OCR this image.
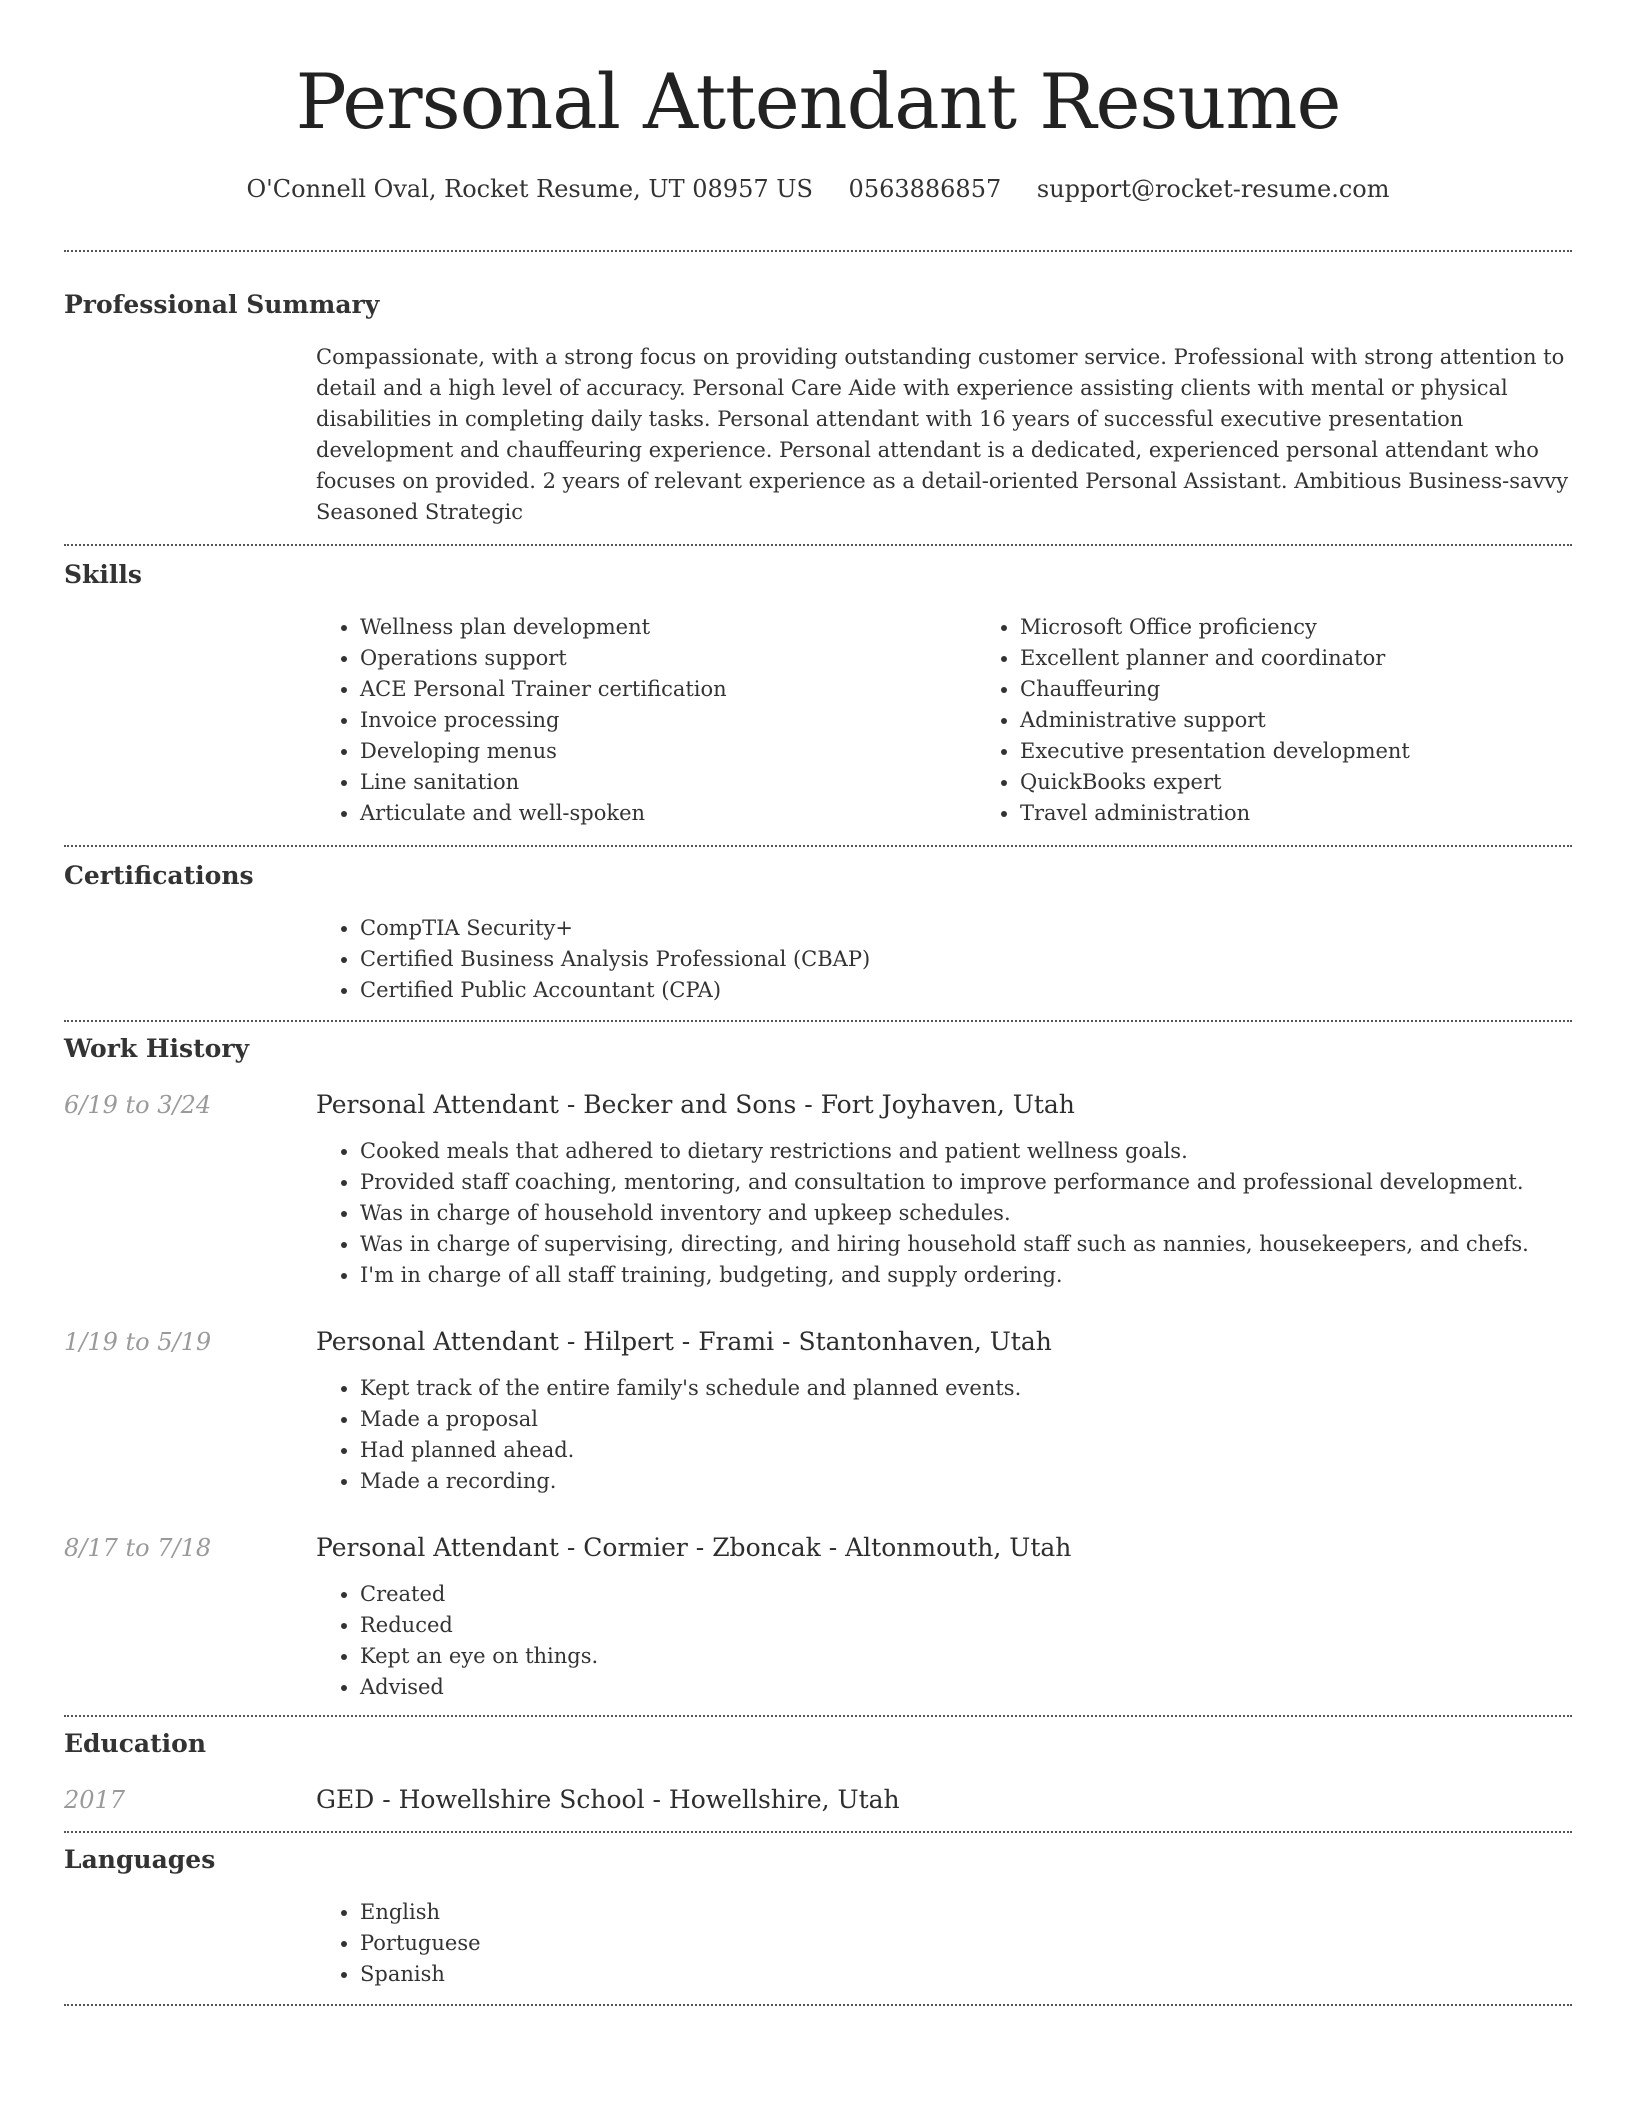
Personal Attendant Resume
O'Connell Oval, Rocket Resume, UT 08957 US 0563886857 support@rocket-resume.com
Professional Summary

Compassionate, with a strong focus on providing outstanding customer service. Professional with strong attention to detail and a high level of accuracy. Personal Care Aide with experience assisting clients with mental or physical disabilities in completing daily tasks. Personal attendant with 16 years of successful executive presentation development and chauffeuring experience. Personal attendant is a dedicated, experienced personal attendant who focuses on provided. 2 years of relevant experience as a detail-oriented Personal Assistant. Ambitious Business-savvy Seasoned Strategic

Skills
• Wellness plan development
• Operations support
• ACE Personal Trainer certification
• Invoice processing
• Developing menus
• Line sanitation
• Articulate and well-spoken
• Microsoft Office proficiency
• Excellent planner and coordinator
• Chauffeuring
• Administrative support
• Executive presentation development
• QuickBooks expert
• Travel administration
Certifications
• CompTIA Security+
• Certified Business Analysis Professional (CBAP)
• Certified Public Accountant (CPA)
Work History
6/19 to 3/24	Personal Attendant - Becker and Sons - Fort Joyhaven, Utah
• Cooked meals that adhered to dietary restrictions and patient wellness goals.
• Provided staff coaching, mentoring, and consultation to improve performance and professional development.
• Was in charge of household inventory and upkeep schedules.
• Was in charge of supervising, directing, and hiring household staff such as nannies, housekeepers, and chefs.
• I'm in charge of all staff training, budgeting, and supply ordering.
1/19 to 5/19	Personal Attendant - Hilpert - Frami - Stantonhaven, Utah
• Kept track of the entire family's schedule and planned events.
• Made a proposal
• Had planned ahead.
• Made a recording.
8/17 to 7/18	Personal Attendant - Cormier - Zboncak - Altonmouth, Utah
• Created
• Reduced
• Kept an eye on things.
• Advised
Education
2017	GED - Howellshire School - Howellshire, Utah
Languages
• English
• Portuguese
• Spanish
